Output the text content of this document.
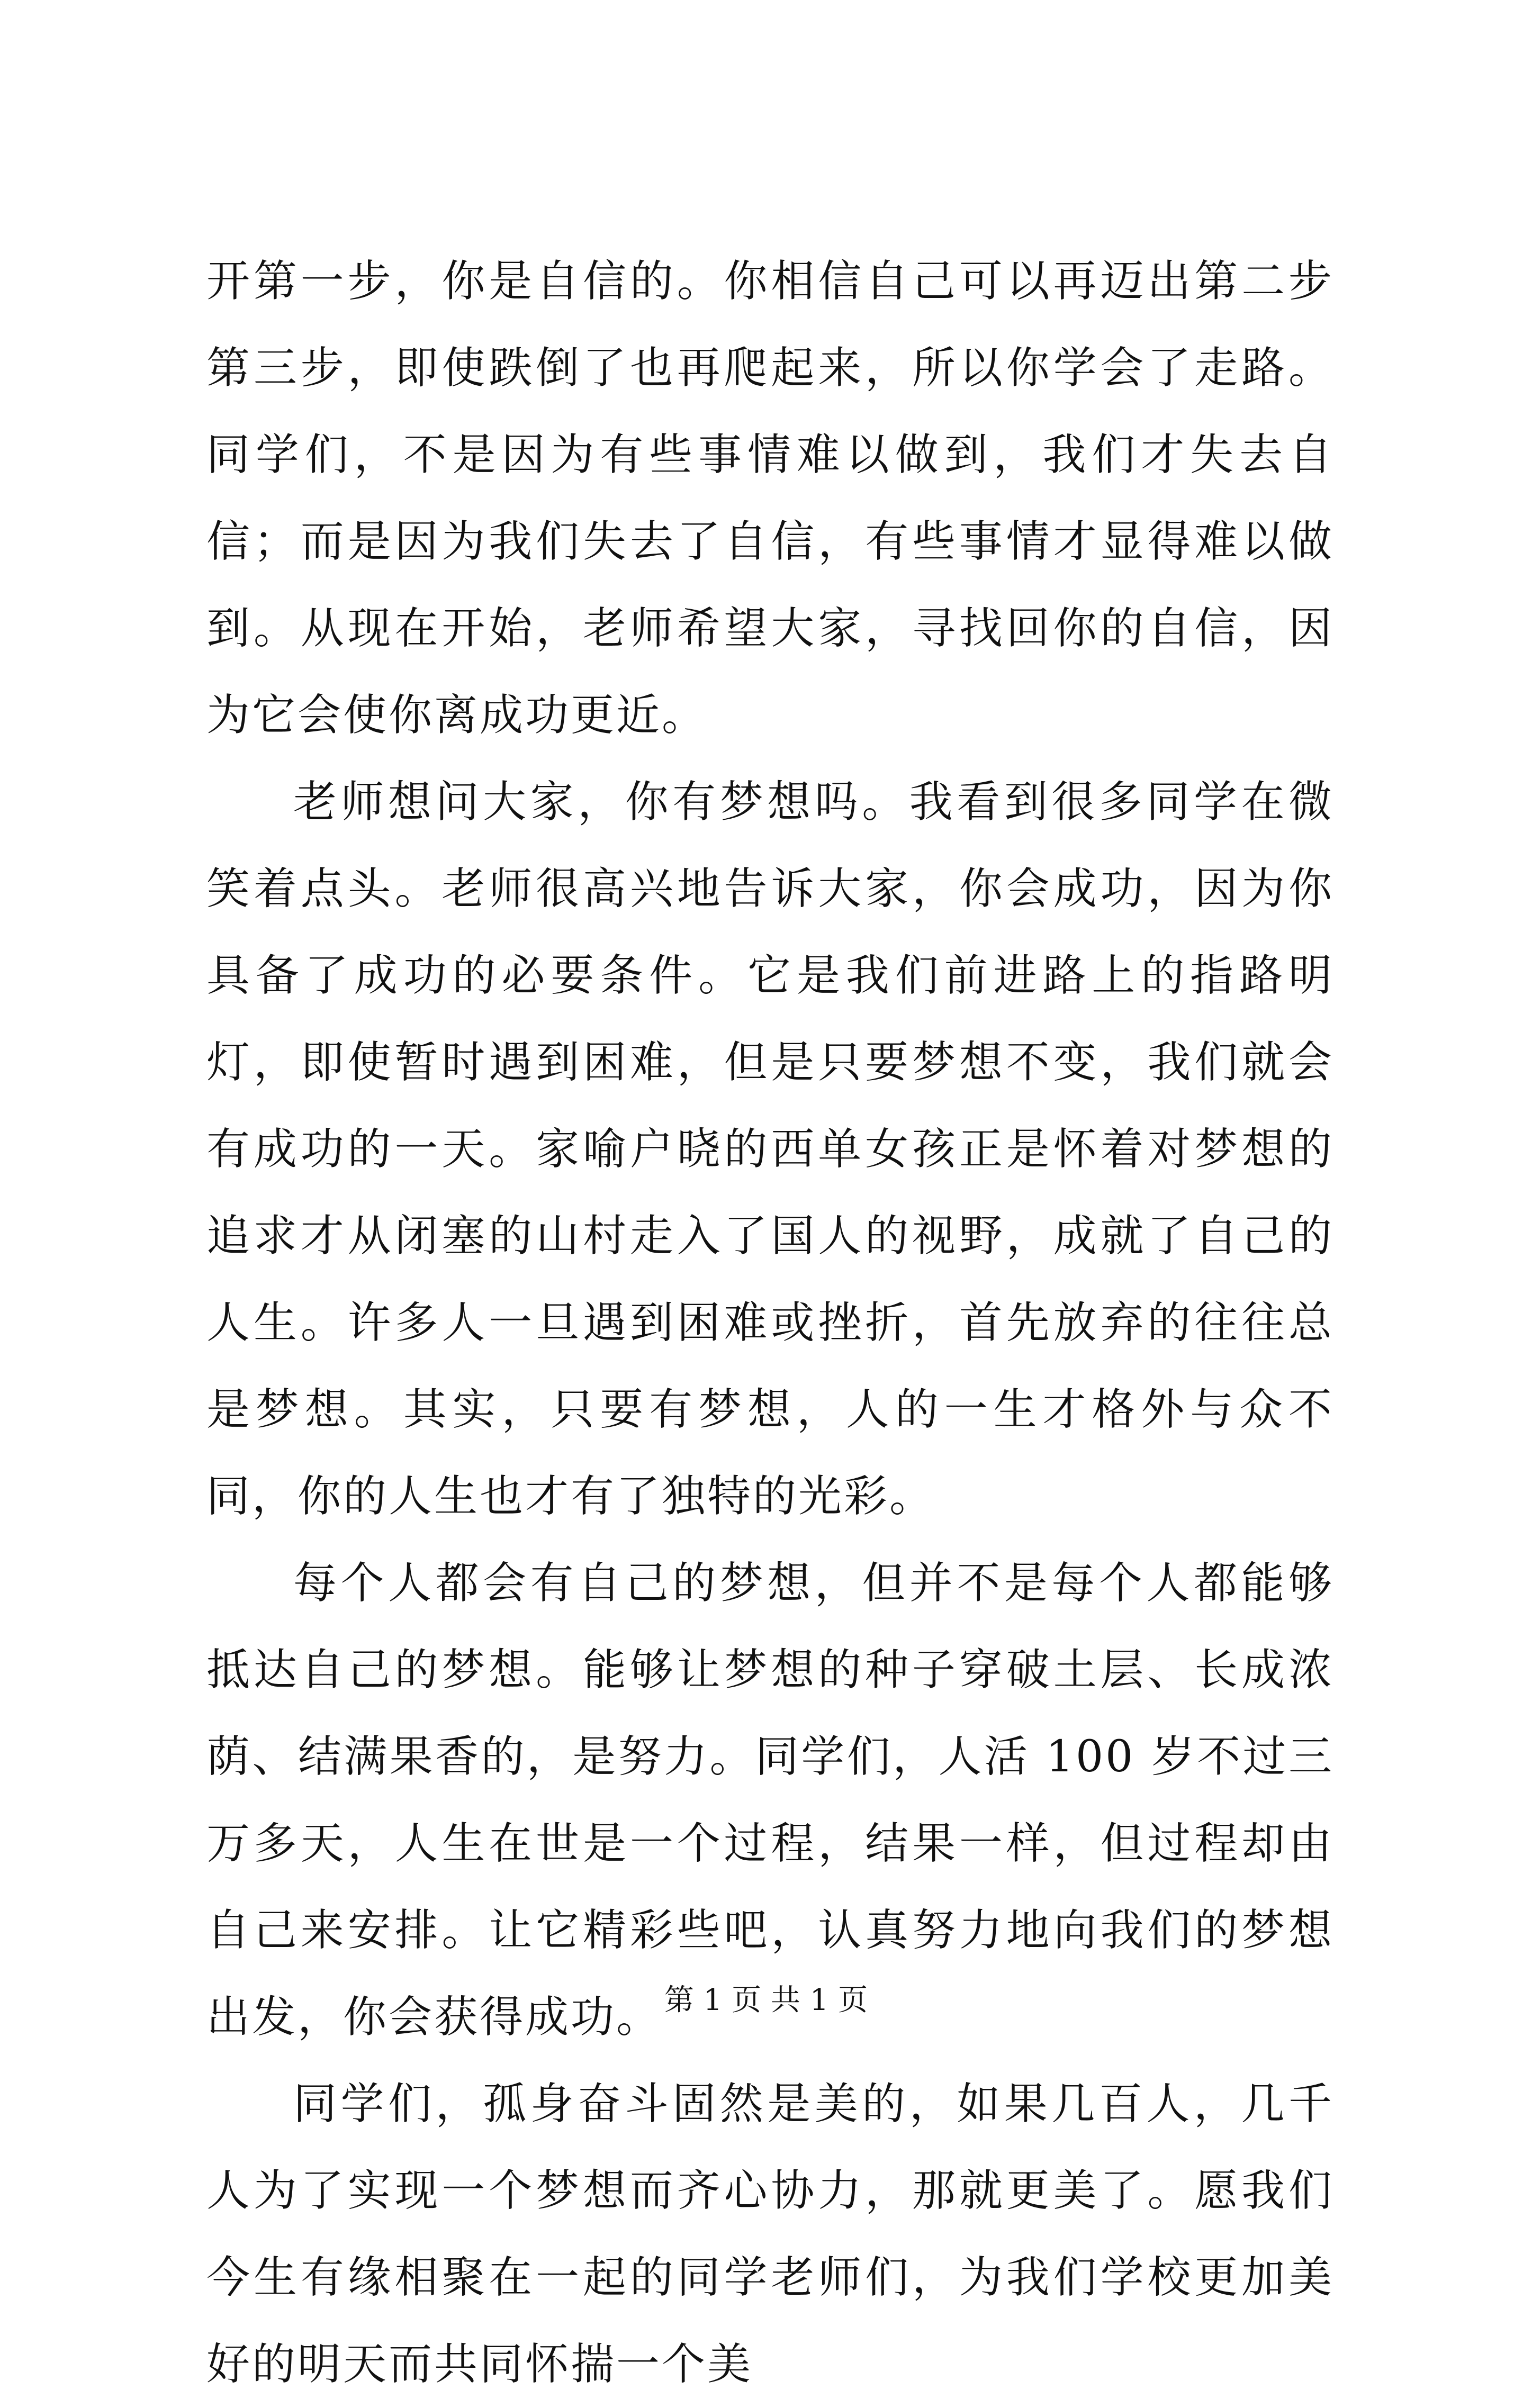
开第一步，你是自信的。你相信自己可以再迈出第二步第三步，即使跌倒了也再爬起来，所以你学会了走路。同学们，不是因为有些事情难以做到，我们才失去自信；而是因为我们失去了自信，有些事情才显得难以做到。从现在开始，老师希望大家，寻找回你的自信，因为它会使你离成功更近。

老师想问大家，你有梦想吗。我看到很多同学在微笑着点头。老师很高兴地告诉大家，你会成功，因为你具备了成功的必要条件。它是我们前进路上的指路明灯，即使暂时遇到困难，但是只要梦想不变，我们就会有成功的一天。家喻户晓的西单女孩正是怀着对梦想的追求才从闭塞的山村走入了国人的视野，成就了自己的人生。许多人一旦遇到困难或挫折，首先放弃的往往总是梦想。其实，只要有梦想，人的一生才格外与众不同，你的人生也才有了独特的光彩。

每个人都会有自己的梦想，但并不是每个人都能够抵达自己的梦想。能够让梦想的种子穿破土层、长成浓荫、结满果香的，是努力。同学们，人活 100 岁不过三万多天，人生在世是一个过程，结果一样，但过程却由自己来安排。让它精彩些吧，认真努力地向我们的梦想出发，你会获得成功。

同学们，孤身奋斗固然是美的，如果几百人，几千人为了实现一个梦想而齐心协力，那就更美了。愿我们今生有缘相聚在一起的同学老师们，为我们学校更加美好的明天而共同怀揣一个美

第 1 页 共 1 页
